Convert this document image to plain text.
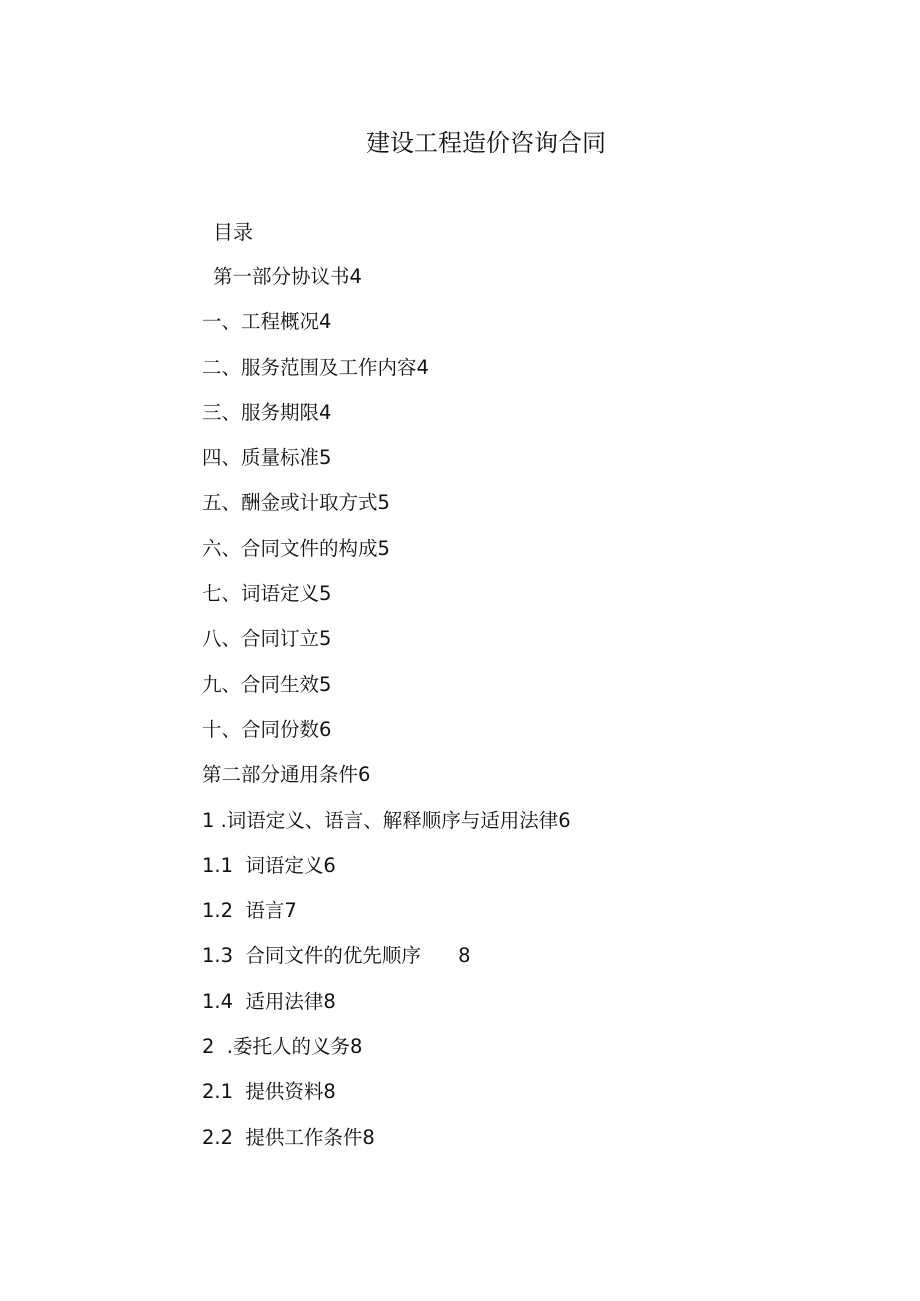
建设工程造价咨询合同
目录
第一部分协议书4
一、工程概况4
二、服务范围及工作内容4
三、服务期限4
四、质量标准5
五、酬金或计取方式5
六、合同文件的构成5
七、词语定义5
八、合同订立5
九、合同生效5
十、合同份数6
第二部分通用条件6
1 .词语定义、语言、解释顺序与适用法律6
1.1  词语定义6
1.2  语言7
1.3  合同文件的优先顺序      8
1.4  适用法律8
2  .委托人的义务8
2.1  提供资料8
2.2  提供工作条件8
